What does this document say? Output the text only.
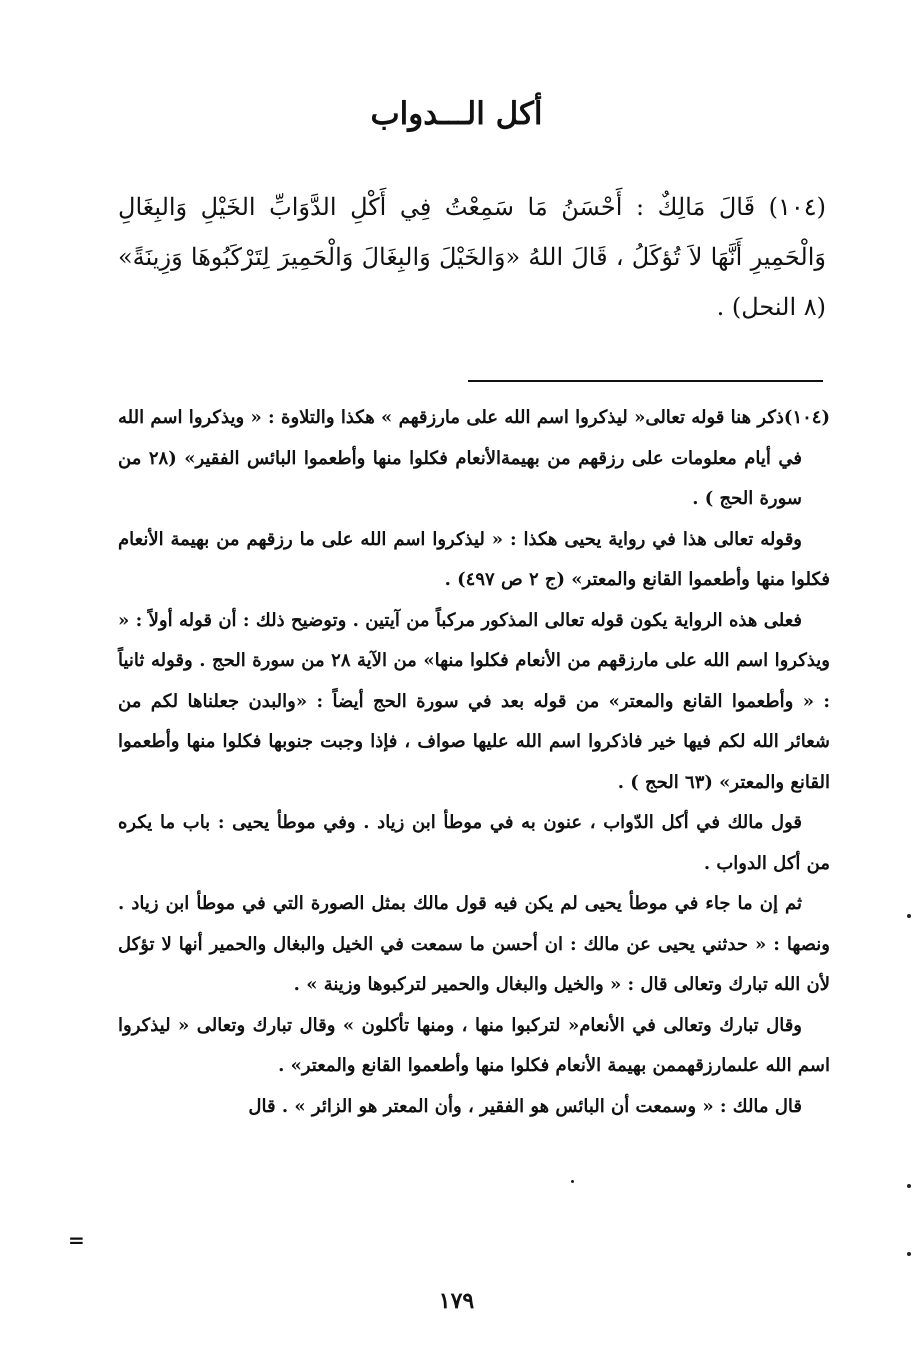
أكل الـــدواب

(١٠٤) قَالَ مَالِكٌ : أَحْسَنُ مَا سَمِعْتُ فِي أَكْلِ الدَّوَابِّ الخَيْلِ وَالبِغَالِ وَالْحَمِيرِ أَنَّهَا لاَ تُؤكَلُ ، قَالَ اللهُ «وَالخَيْلَ وَالبِغَالَ وَالْحَمِيرَ لِتَرْكَبُوهَا وَزِينَةً» (٨ النحل) .

(١٠٤)ذكر هنا قوله تعالى« ليذكروا اسم الله على مارزقهم » هكذا والتلاوة : « ويذكروا اسم الله في أيام معلومات على رزقهم من بهيمةالأنعام فكلوا منها وأطعموا البائس الفقير» (٢٨ من سورة الحج ) .

وقوله تعالى هذا في رواية يحيى هكذا : « ليذكروا اسم الله على ما رزقهم من بهيمة الأنعام فكلوا منها وأطعموا القانع والمعتر» (ج ٢ ص ٤٩٧) .

فعلى هذه الرواية يكون قوله تعالى المذكور مركباً من آيتين . وتوضيح ذلك : أن قوله أولاً : « ويذكروا اسم الله على مارزقهم من الأنعام فكلوا منها» من الآية ٢٨ من سورة الحج . وقوله ثانياً : « وأطعموا القانع والمعتر» من قوله بعد في سورة الحج أيضاً : «والبدن جعلناها لكم من شعائر الله لكم فيها خير فاذكروا اسم الله عليها صواف ، فإذا وجبت جنوبها فكلوا منها وأطعموا القانع والمعتر» (٦٣ الحج ) .

قول مالك في أكل الدّواب ، عنون به في موطأ ابن زياد . وفي موطأ يحيى : باب ما يكره من أكل الدواب .

ثم إن ما جاء في موطأ يحيى لم يكن فيه قول مالك بمثل الصورة التي في موطأ ابن زياد . ونصها : « حدثني يحيى عن مالك : ان أحسن ما سمعت في الخيل والبغال والحمير أنها لا تؤكل لأن الله تبارك وتعالى قال : « والخيل والبغال والحمير لتركبوها وزينة » .

وقال تبارك وتعالى في الأنعام« لتركبوا منها ، ومنها تأكلون » وقال تبارك وتعالى « ليذكروا اسم الله علىمارزقهممن بهيمة الأنعام فكلوا منها وأطعموا القانع والمعتر» .

قال مالك : « وسمعت أن البائس هو الفقير ، وأن المعتر هو الزائر » . قال

=
١٧٩
